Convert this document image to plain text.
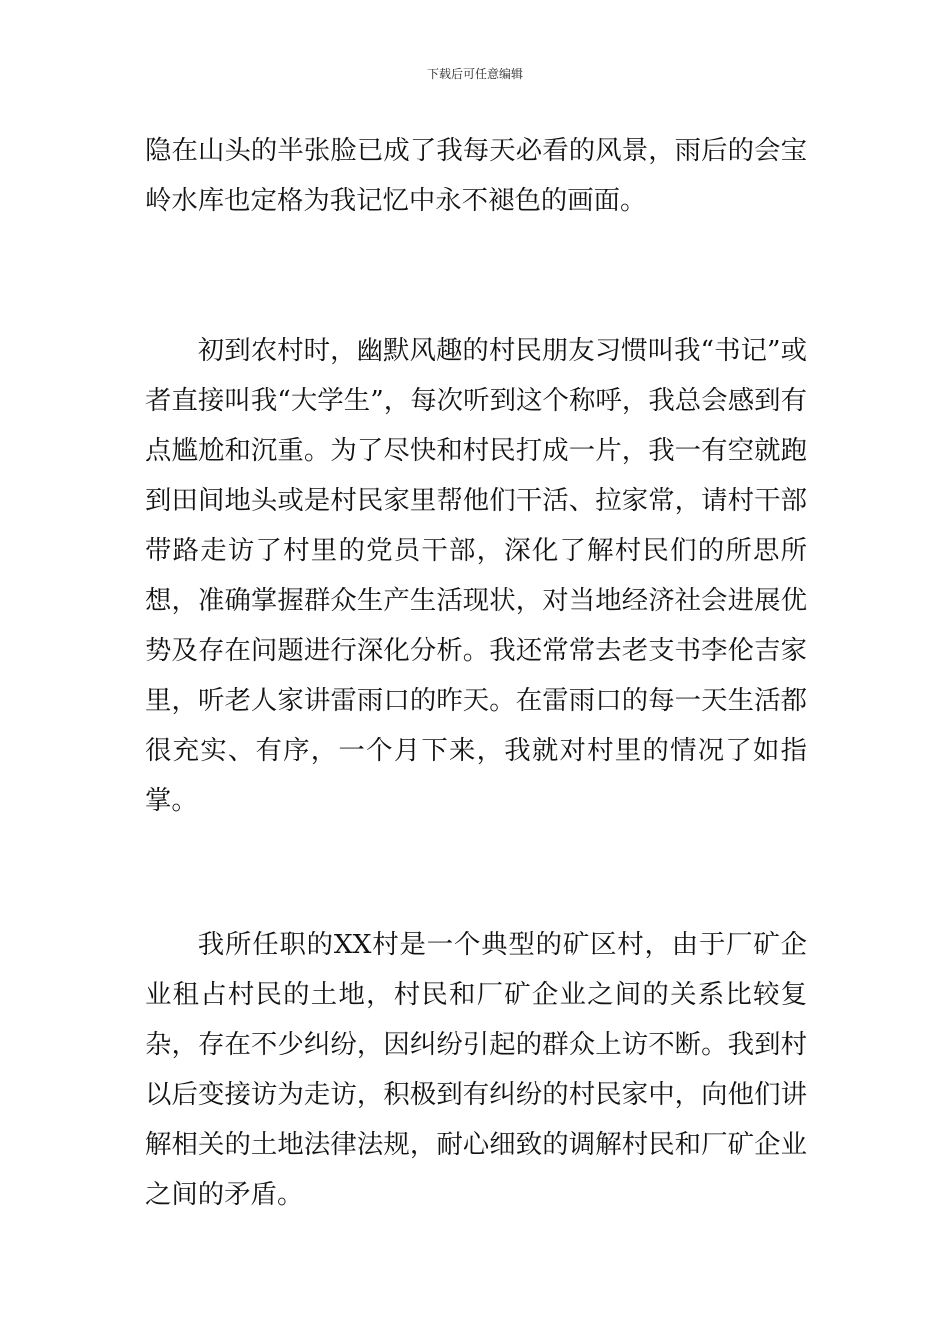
下载后可任意编辑

隐在山头的半张脸已成了我每天必看的风景，雨后的会宝岭水库也定格为我记忆中永不褪色的画面。

初到农村时，幽默风趣的村民朋友习惯叫我“书记”或者直接叫我“大学生”，每次听到这个称呼，我总会感到有点尴尬和沉重。为了尽快和村民打成一片，我一有空就跑到田间地头或是村民家里帮他们干活、拉家常，请村干部带路走访了村里的党员干部，深化了解村民们的所思所想，准确掌握群众生产生活现状，对当地经济社会进展优势及存在问题进行深化分析。我还常常去老支书李伦吉家里，听老人家讲雷雨口的昨天。在雷雨口的每一天生活都很充实、有序，一个月下来，我就对村里的情况了如指掌。

我所任职的XX村是一个典型的矿区村，由于厂矿企业租占村民的土地，村民和厂矿企业之间的关系比较复杂，存在不少纠纷，因纠纷引起的群众上访不断。我到村以后变接访为走访，积极到有纠纷的村民家中，向他们讲解相关的土地法律法规，耐心细致的调解村民和厂矿企业之间的矛盾。
